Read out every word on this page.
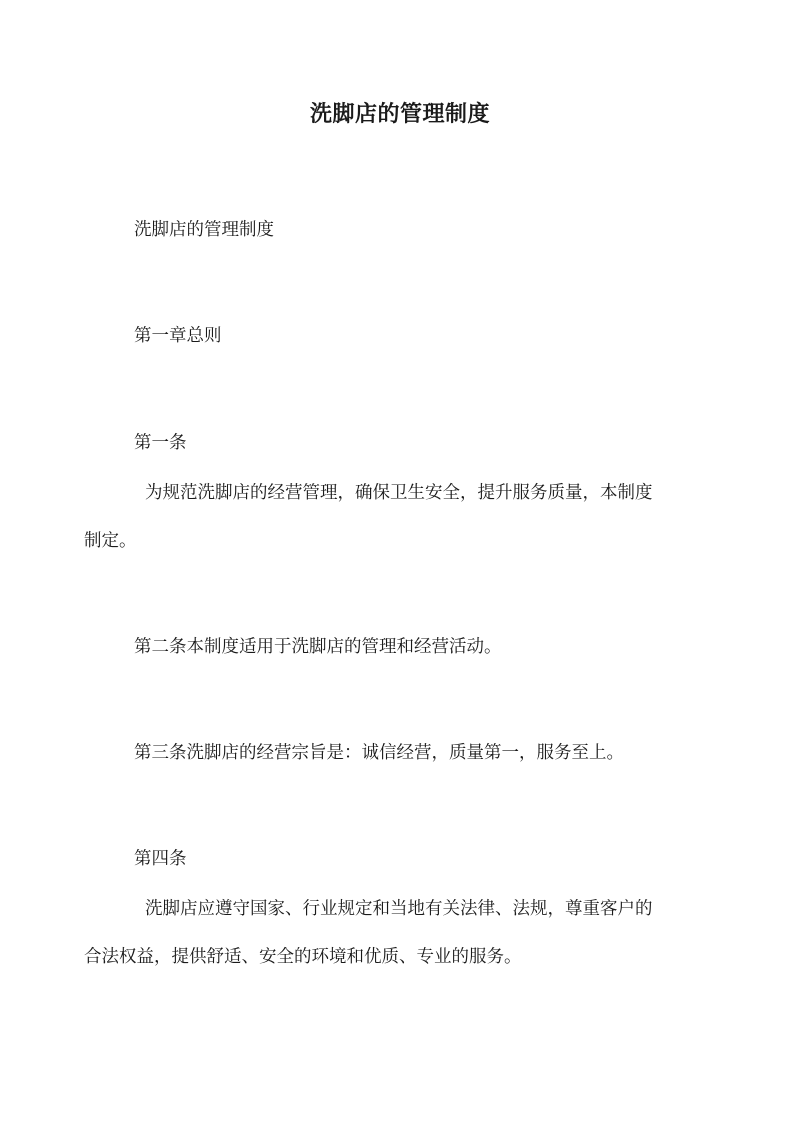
洗脚店的管理制度
洗脚店的管理制度
第一章总则
第一条
为规范洗脚店的经营管理，确保卫生安全，提升服务质量，本制度
制定。
第二条本制度适用于洗脚店的管理和经营活动。
第三条洗脚店的经营宗旨是：诚信经营，质量第一，服务至上。
第四条
洗脚店应遵守国家、行业规定和当地有关法律、法规，尊重客户的
合法权益，提供舒适、安全的环境和优质、专业的服务。
